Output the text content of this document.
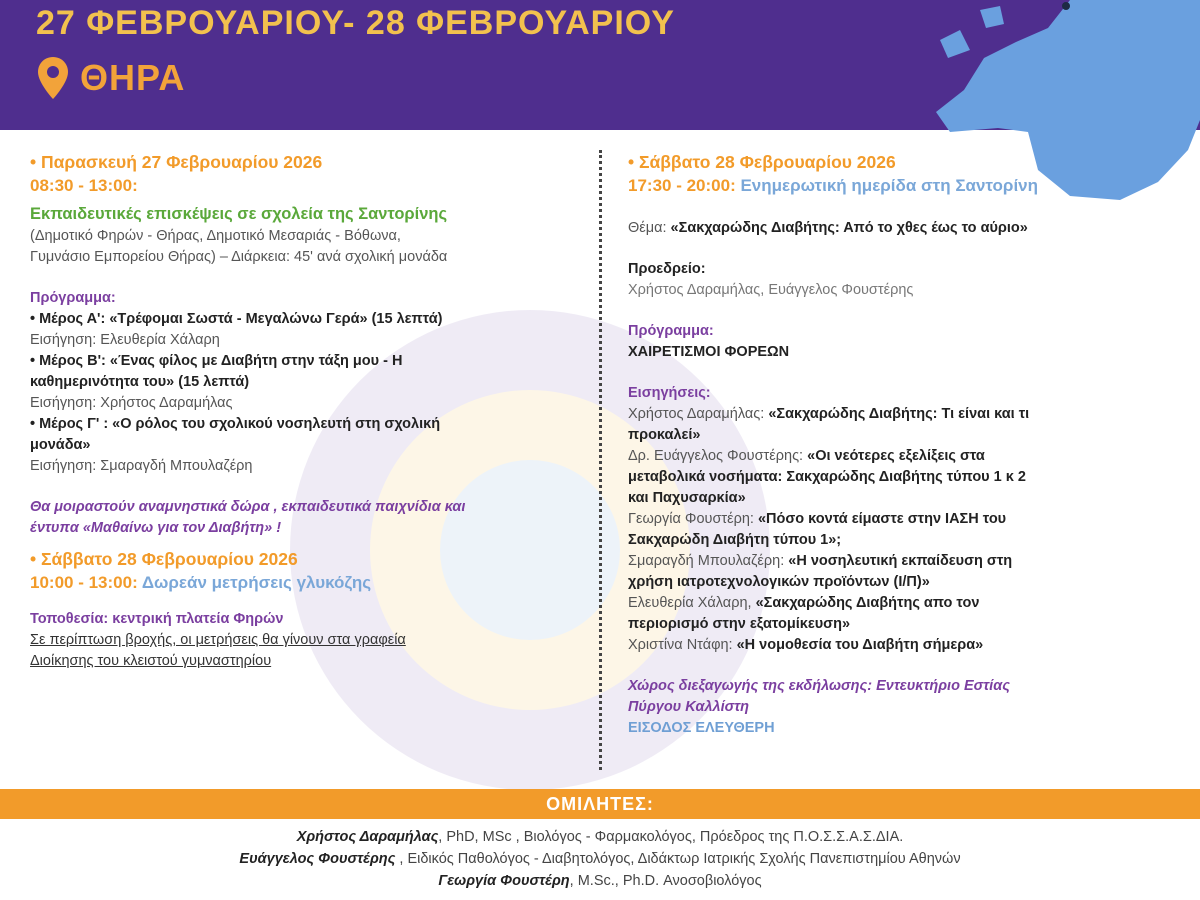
27 ΦΕΒΡΟΥΑΡΙΟΥ- 28 ΦΕΒΡΟΥΑΡΙΟΥ
ΘΗΡΑ
• Παρασκευή 27 Φεβρουαρίου 2026
08:30 - 13:00:
Εκπαιδευτικές επισκέψεις σε σχολεία της Σαντορίνης
(Δημοτικό Φηρών - Θήρας, Δημοτικό Μεσαριάς - Βόθωνα,
Γυμνάσιο Εμπορείου Θήρας) – Διάρκεια: 45' ανά σχολική μονάδα
Πρόγραμμα:
• Μέρος Α': «Τρέφομαι Σωστά - Μεγαλώνω Γερά» (15 λεπτά)
Εισήγηση: Ελευθερία Χάλαρη
• Μέρος Β': «Ένας φίλος με Διαβήτη στην τάξη μου - Η
καθημερινότητα του» (15 λεπτά)
Εισήγηση: Χρήστος Δαραμήλας
• Μέρος Γ' : «Ο ρόλος του σχολικού νοσηλευτή στη σχολική
μονάδα»
Εισήγηση: Σμαραγδή Μπουλαζέρη
Θα μοιραστούν αναμνηστικά δώρα , εκπαιδευτικά παιχνίδια και
έντυπα «Μαθαίνω για τον Διαβήτη» !
• Σάββατο 28 Φεβρουαρίου 2026
10:00 - 13:00: Δωρεάν μετρήσεις γλυκόζης
Τοποθεσία: κεντρική πλατεία Φηρών
Σε περίπτωση βροχής, οι μετρήσεις θα γίνουν στα γραφεία
Διοίκησης του κλειστού γυμναστηρίου
• Σάββατο 28 Φεβρουαρίου 2026
17:30 - 20:00: Ενημερωτική ημερίδα στη Σαντορίνη
Θέμα: «Σακχαρώδης Διαβήτης: Από το χθες έως το αύριο»
Προεδρείο:
Χρήστος Δαραμήλας, Ευάγγελος Φουστέρης
Πρόγραμμα:
ΧΑΙΡΕΤΙΣΜΟΙ ΦΟΡΕΩΝ
Εισηγήσεις:
Χρήστος Δαραμήλας: «Σακχαρώδης Διαβήτης: Τι είναι και τι
προκαλεί»
Δρ. Ευάγγελος Φουστέρης: «Οι νεότερες εξελίξεις στα
μεταβολικά νοσήματα: Σακχαρώδης Διαβήτης τύπου 1 κ 2
και Παχυσαρκία»
Γεωργία Φουστέρη: «Πόσο κοντά είμαστε στην ΙΑΣΗ του
Σακχαρώδη Διαβήτη τύπου 1»;
Σμαραγδή Μπουλαζέρη: «Η νοσηλευτική εκπαίδευση στη
χρήση ιατροτεχνολογικών προϊόντων (Ι/Π)»
Ελευθερία Χάλαρη, «Σακχαρώδης Διαβήτης απο τον
περιορισμό στην εξατομίκευση»
Χριστίνα Ντάφη: «Η νομοθεσία του Διαβήτη σήμερα»
Χώρος διεξαγωγής της εκδήλωσης: Εντευκτήριο Εστίας
Πύργου Καλλίστη
ΕΙΣΟΔΟΣ ΕΛΕΥΘΕΡΗ
ΟΜΙΛΗΤΕΣ:
Χρήστος Δαραμήλας, PhD, MSc , Βιολόγος - Φαρμακολόγος, Πρόεδρος της Π.Ο.Σ.Σ.Α.Σ.ΔΙΑ.
Ευάγγελος Φουστέρης , Ειδικός Παθολόγος - Διαβητολόγος, Διδάκτωρ Ιατρικής Σχολής Πανεπιστημίου Αθηνών
Γεωργία Φουστέρη, M.Sc., Ph.D. Ανοσοβιολόγος
